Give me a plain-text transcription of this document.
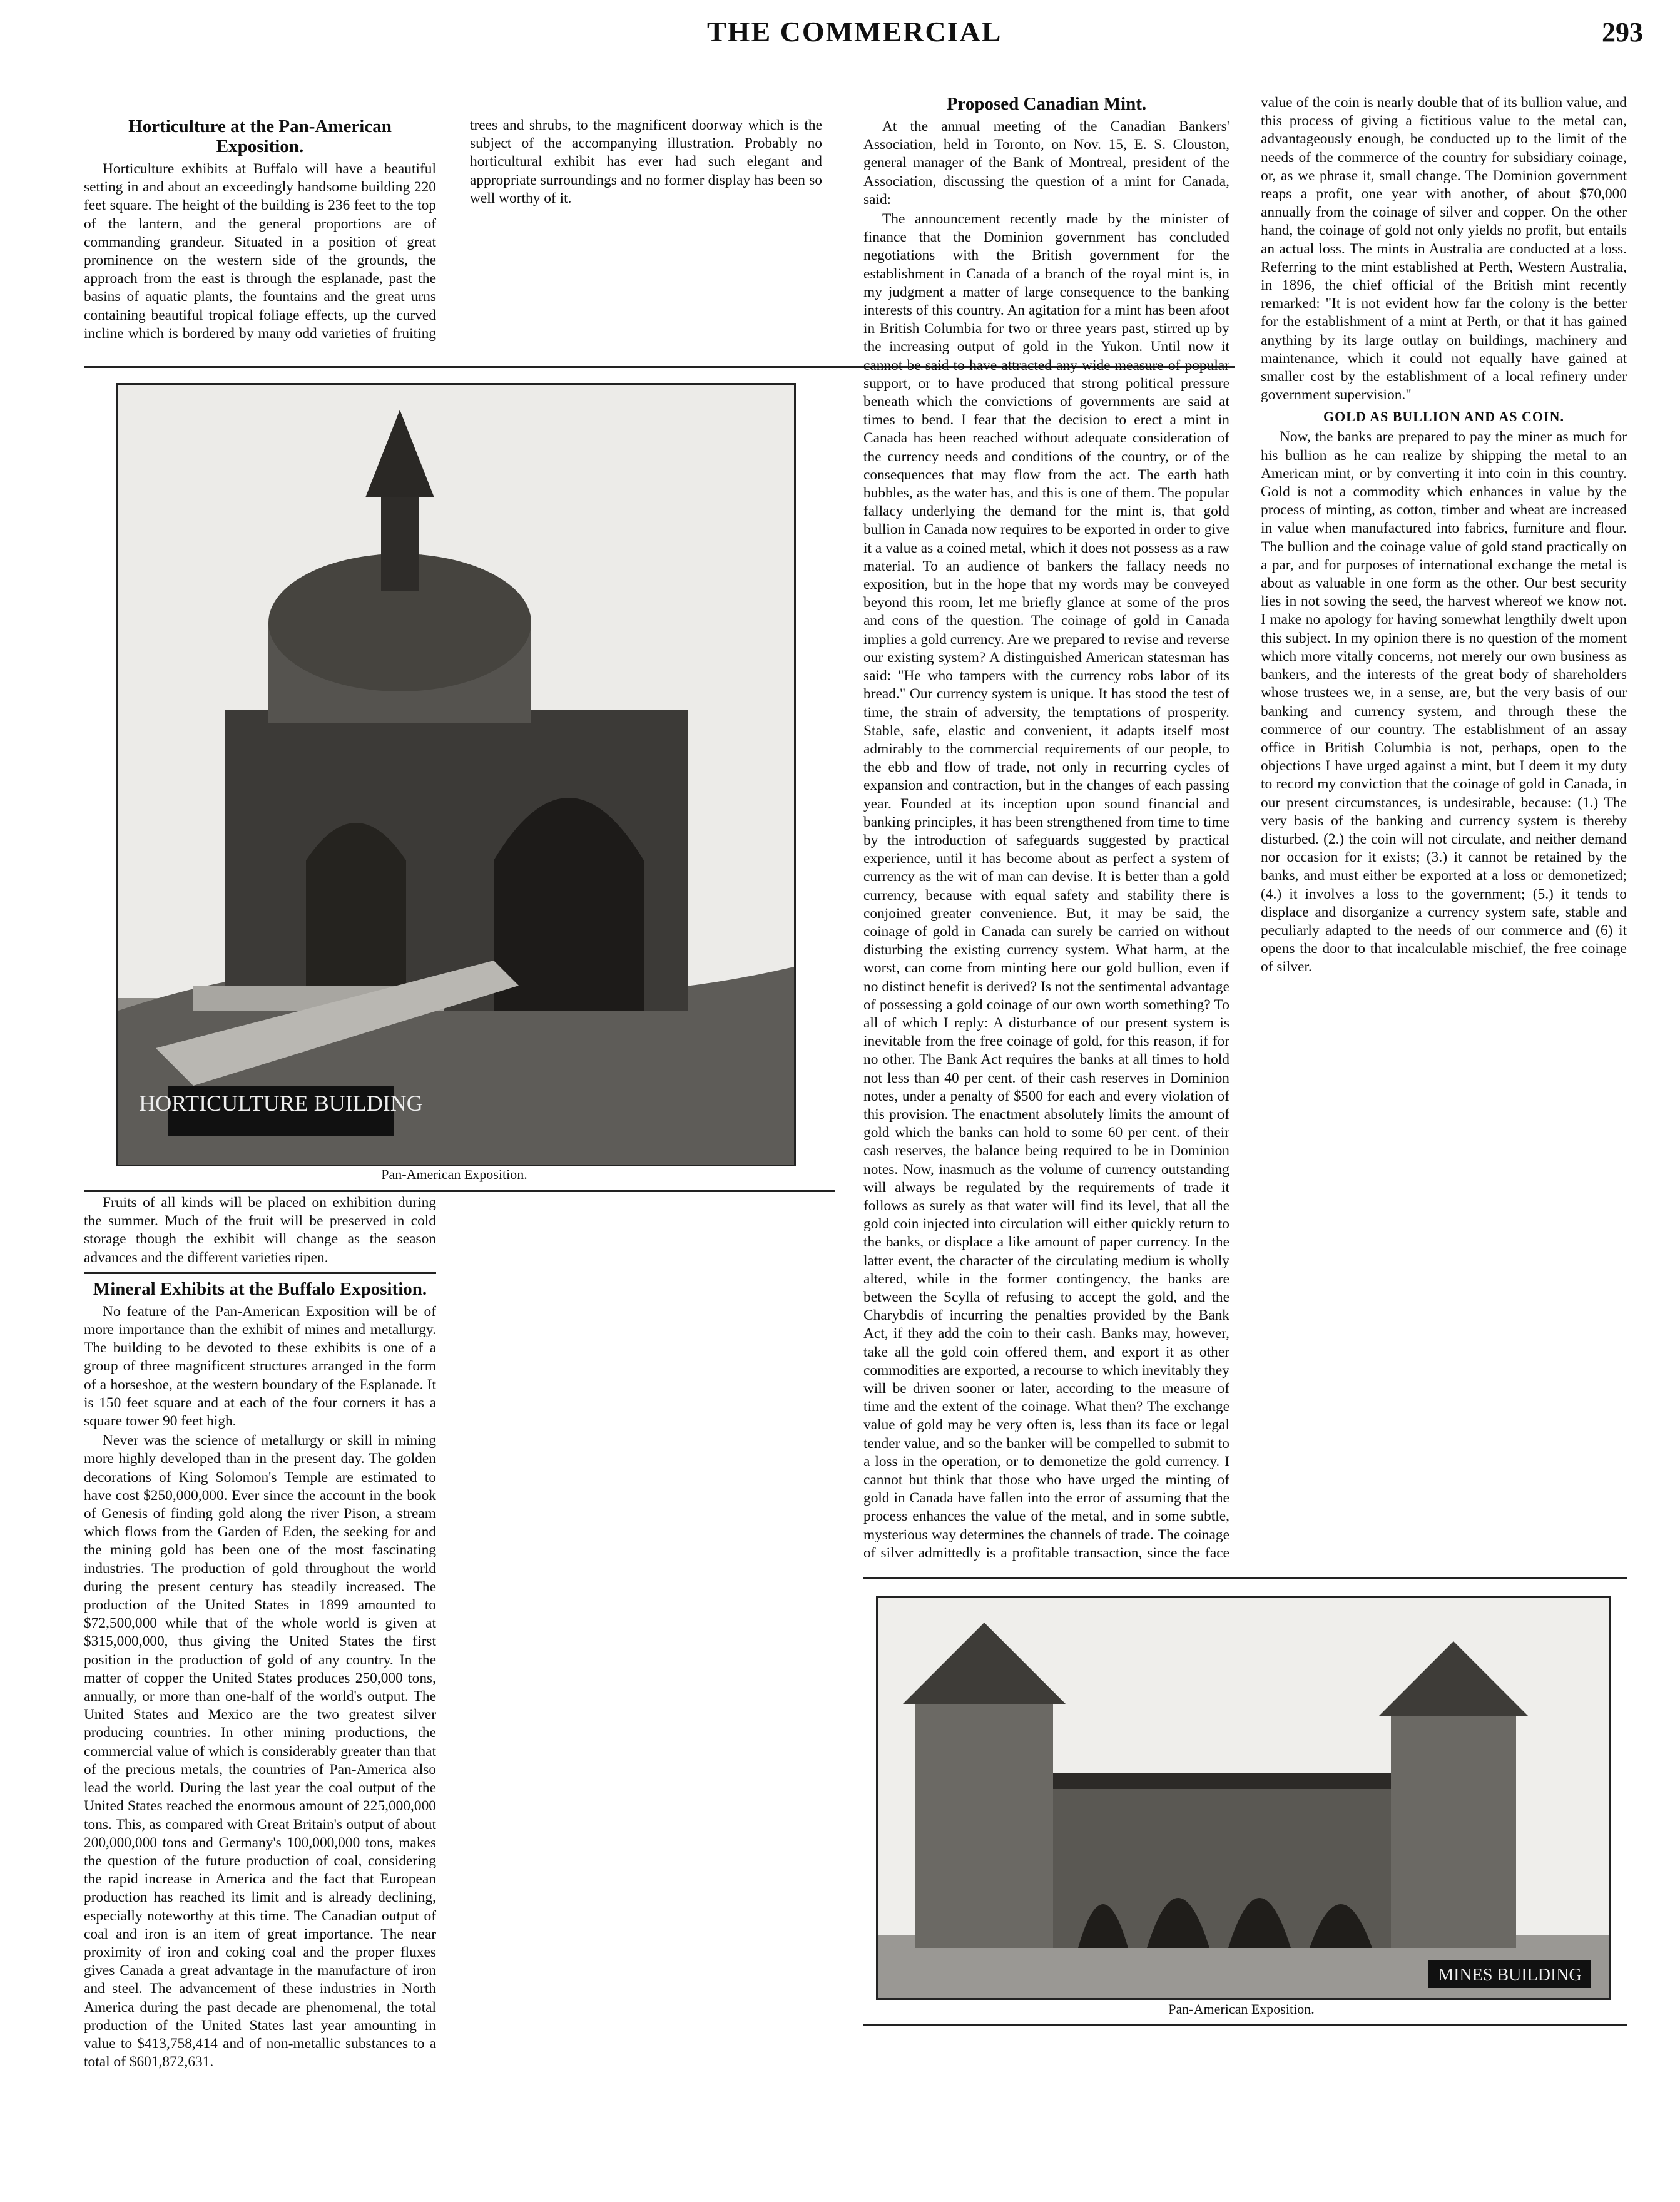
THE COMMERCIAL	293
Horticulture at the Pan-American Exposition.

Horticulture exhibits at Buffalo will have a beautiful setting in and about an exceedingly handsome building 220 feet square. The height of the building is 236 feet to the top of the lantern, and the general proportions are of commanding grandeur. Situated in a position of great prominence on the western side of the grounds, the approach from the east is through the esplanade, past the basins of aquatic plants, the fountains and the great urns containing beautiful tropical foliage effects, up the curved incline which is bordered by many odd varieties of fruiting trees and shrubs, to the magnificent doorway which is the subject of the accompanying illustration. Probably no horticultural exhibit has ever had such elegant and appropriate surroundings and no former display has been so well worthy of it.

HORTICULTURE BUILDING
Pan-American Exposition.

Fruits of all kinds will be placed on exhibition during the summer. Much of the fruit will be preserved in cold storage though the exhibit will change as the season advances and the different varieties ripen.

Mineral Exhibits at the Buffalo Exposition.

No feature of the Pan-American Exposition will be of more importance than the exhibit of mines and metallurgy. The building to be devoted to these exhibits is one of a group of three magnificent structures arranged in the form of a horseshoe, at the western boundary of the Esplanade. It is 150 feet square and at each of the four corners it has a square tower 90 feet high.

Never was the science of metallurgy or skill in mining more highly developed than in the present day. The golden decorations of King Solomon's Temple are estimated to have cost $250,000,000. Ever since the account in the book of Genesis of finding gold along the river Pison, a stream which flows from the Garden of Eden, the seeking for and the mining gold has been one of the most fascinating industries. The production of gold throughout the world during the present century has steadily increased. The production of the United States in 1899 amounted to $72,500,000 while that of the whole world is given at $315,000,000, thus giving the United States the first position in the production of gold of any country. In the matter of copper the United States produces 250,000 tons, annually, or more than one-half of the world's output. The United States and Mexico are the two greatest silver producing countries. In other mining productions, the commercial value of which is considerably greater than that of the precious metals, the countries of Pan-America also lead the world. During the last year the coal output of the United States reached the enormous amount of 225,000,000 tons. This, as compared with Great Britain's output of about 200,000,000 tons and Germany's 100,000,000 tons, makes the question of the future production of coal, considering the rapid increase in America and the fact that European production has reached its limit and is already declining, especially noteworthy at this time. The Canadian output of coal and iron is an item of great importance. The near proximity of iron and coking coal and the proper fluxes gives Canada a great advantage in the manufacture of iron and steel. The advancement of these industries in North America during the past decade are phenomenal, the total production of the United States last year amounting in value to $413,758,414 and of non-metallic substances to a total of $601,872,631.

Proposed Canadian Mint.

At the annual meeting of the Canadian Bankers' Association, held in Toronto, on Nov. 15, E. S. Clouston, general manager of the Bank of Montreal, president of the Association, discussing the question of a mint for Canada, said:

The announcement recently made by the minister of finance that the Dominion government has concluded negotiations with the British government for the establishment in Canada of a branch of the royal mint is, in my judgment a matter of large consequence to the banking interests of this country. An agitation for a mint has been afoot in British Columbia for two or three years past, stirred up by the increasing output of gold in the Yukon. Until now it cannot be said to have attracted any wide measure of popular support, or to have produced that strong political pressure beneath which the convictions of governments are said at times to bend. I fear that the decision to erect a mint in Canada has been reached without adequate consideration of the currency needs and conditions of the country, or of the consequences that may flow from the act. The earth hath bubbles, as the water has, and this is one of them. The popular fallacy underlying the demand for the mint is, that gold bullion in Canada now requires to be exported in order to give it a value as a coined metal, which it does not possess as a raw material. To an audience of bankers the fallacy needs no exposition, but in the hope that my words may be conveyed beyond this room, let me briefly glance at some of the pros and cons of the question. The coinage of gold in Canada implies a gold currency. Are we prepared to revise and reverse our existing system? A distinguished American statesman has said: "He who tampers with the currency robs labor of its bread." Our currency system is unique. It has stood the test of time, the strain of adversity, the temptations of prosperity. Stable, safe, elastic and convenient, it adapts itself most admirably to the commercial requirements of our people, to the ebb and flow of trade, not only in recurring cycles of expansion and contraction, but in the changes of each passing year. Founded at its inception upon sound financial and banking principles, it has been strengthened from time to time by the introduction of safeguards suggested by practical experience, until it has become about as perfect a system of currency as the wit of man can devise. It is better than a gold currency, because with equal safety and stability there is conjoined greater convenience. But, it may be said, the coinage of gold in Canada can surely be carried on without disturbing the existing currency system. What harm, at the worst, can come from minting here our gold bullion, even if no distinct benefit is derived? Is not the sentimental advantage of possessing a gold coinage of our own worth something? To all of which I reply: A disturbance of our present system is inevitable from the free coinage of gold, for this reason, if for no other. The Bank Act requires the banks at all times to hold not less than 40 per cent. of their cash reserves in Dominion notes, under a penalty of $500 for each and every violation of this provision. The enactment absolutely limits the amount of gold which the banks can hold to some 60 per cent. of their cash reserves, the balance being required to be in Dominion notes. Now, inasmuch as the volume of currency outstanding will always be regulated by the requirements of trade it follows as surely as that water will find its level, that all the gold coin injected into circulation will either quickly return to the banks, or displace a like amount of paper currency. In the latter event, the character of the circulating medium is wholly altered, while in the former contingency, the banks are between the Scylla of refusing to accept the gold, and the Charybdis of incurring the penalties provided by the Bank Act, if they add the coin to their cash. Banks may, however, take all the gold coin offered them, and export it as other commodities are exported, a recourse to which inevitably they will be driven sooner or later, according to the measure of time and the extent of the coinage. What then? The exchange value of gold may be very often is, less than its face or legal tender value, and so the banker will be compelled to submit to a loss in the operation, or to demonetize the gold currency. I cannot but think that those who have urged the minting of gold in Canada have fallen into the error of assuming that the process enhances the value of the metal, and in some subtle, mysterious way determines the channels of trade. The coinage of silver admittedly is a profitable transaction, since the face value of the coin is nearly double that of its bullion value, and this process of giving a fictitious value to the metal can, advantageously enough, be conducted up to the limit of the needs of the commerce of the country for subsidiary coinage, or, as we phrase it, small change. The Dominion government reaps a profit, one year with another, of about $70,000 annually from the coinage of silver and copper. On the other hand, the coinage of gold not only yields no profit, but entails an actual loss. The mints in Australia are conducted at a loss. Referring to the mint established at Perth, Western Australia, in 1896, the chief official of the British mint recently remarked: "It is not evident how far the colony is the better for the establishment of a mint at Perth, or that it has gained anything by its large outlay on buildings, machinery and maintenance, which it could not equally have gained at smaller cost by the establishment of a local refinery under government supervision."

GOLD AS BULLION AND AS COIN.

Now, the banks are prepared to pay the miner as much for his bullion as he can realize by shipping the metal to an American mint, or by converting it into coin in this country. Gold is not a commodity which enhances in value by the process of minting, as cotton, timber and wheat are increased in value when manufactured into fabrics, furniture and flour. The bullion and the coinage value of gold stand practically on a par, and for purposes of international exchange the metal is about as valuable in one form as the other. Our best security lies in not sowing the seed, the harvest whereof we know not. I make no apology for having somewhat lengthily dwelt upon this subject. In my opinion there is no question of the moment which more vitally concerns, not merely our own business as bankers, and the interests of the great body of shareholders whose trustees we, in a sense, are, but the very basis of our banking and currency system, and through these the commerce of our country. The establishment of an assay office in British Columbia is not, perhaps, open to the objections I have urged against a mint, but I deem it my duty to record my conviction that the coinage of gold in Canada, in our present circumstances, is undesirable, because: (1.) The very basis of the banking and currency system is thereby disturbed. (2.) the coin will not circulate, and neither demand nor occasion for it exists; (3.) it cannot be retained by the banks, and must either be exported at a loss or demonetized; (4.) it involves a loss to the government; (5.) it tends to displace and disorganize a currency system safe, stable and peculiarly adapted to the needs of our commerce and (6) it opens the door to that incalculable mischief, the free coinage of silver.

MINES BUILDING
Pan-American Exposition.
